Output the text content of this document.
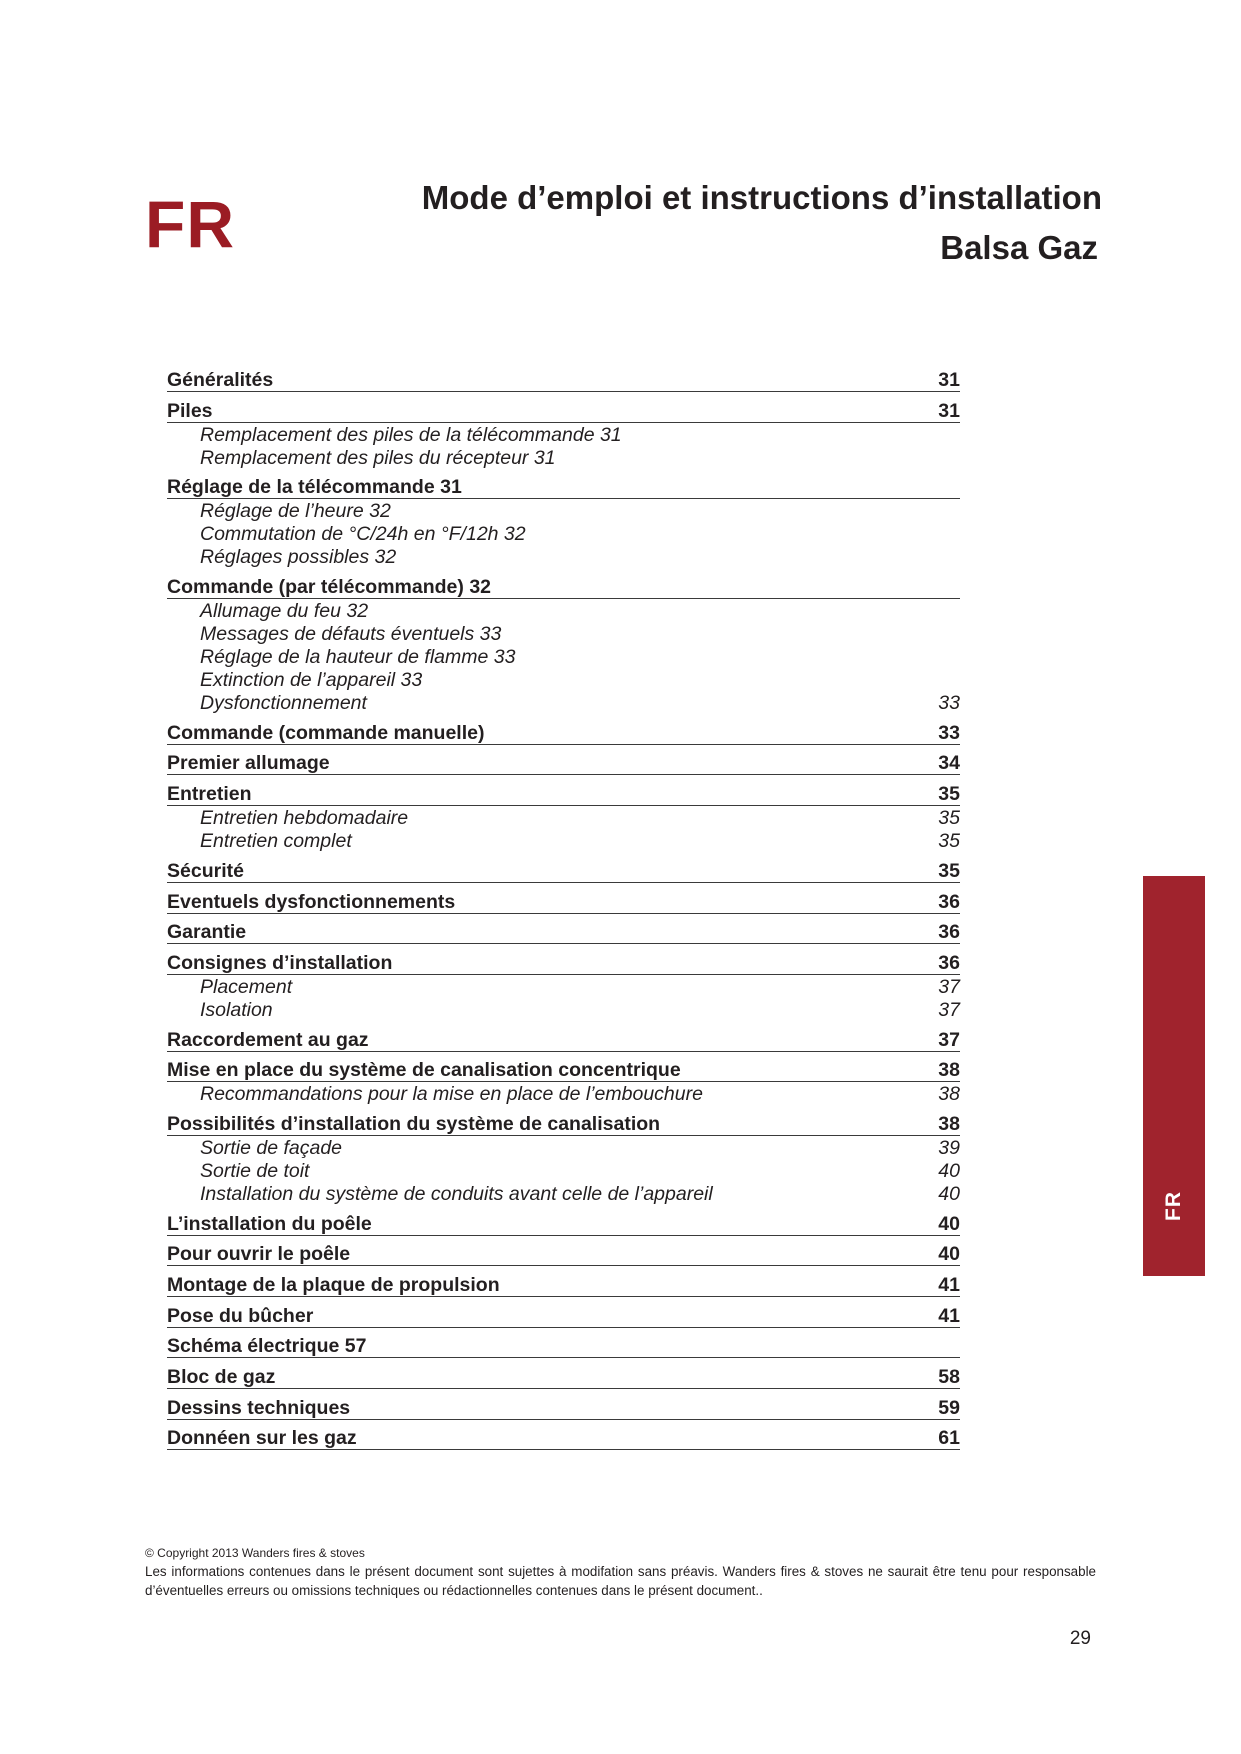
FR	Mode d’emploi et instructions d’installation
Balsa Gaz
Généralités	31
Piles	31
Remplacement des piles de la télécommande 31
Remplacement des piles du récepteur 31
Réglage de la télécommande 31
Réglage de l’heure 32
Commutation de °C/24h en °F/12h 32
Réglages possibles 32
Commande (par télécommande) 32
Allumage du feu 32
Messages de défauts éventuels 33
Réglage de la hauteur de flamme 33
Extinction de l’appareil 33
Dysfonctionnement	33
Commande (commande manuelle)	33
Premier allumage	34
Entretien	35
Entretien hebdomadaire	35
Entretien complet	35
Sécurité	35
Eventuels dysfonctionnements	36
Garantie	36
Consignes d’installation	36
Placement	37
Isolation	37
Raccordement au gaz	37
Mise en place du système de canalisation concentrique	38
Recommandations pour la mise en place de l’embouchure	38
Possibilités d’installation du système de canalisation	38
Sortie de façade	39
Sortie de toit	40
Installation du système de conduits avant celle de l’appareil	40
L’installation du poêle	40
Pour ouvrir le poêle	40
Montage de la plaque de propulsion	41
Pose du bûcher	41
Schéma électrique 57
Bloc de gaz	58
Dessins techniques	59
Donnéen sur les gaz	61
© Copyright 2013 Wanders fires & stoves
Les informations contenues dans le présent document sont sujettes à modifation sans préavis. Wanders fires & stoves ne saurait être tenu pour responsable d’éventuelles erreurs ou omissions techniques ou rédactionnelles contenues dans le présent document..
29
FR
